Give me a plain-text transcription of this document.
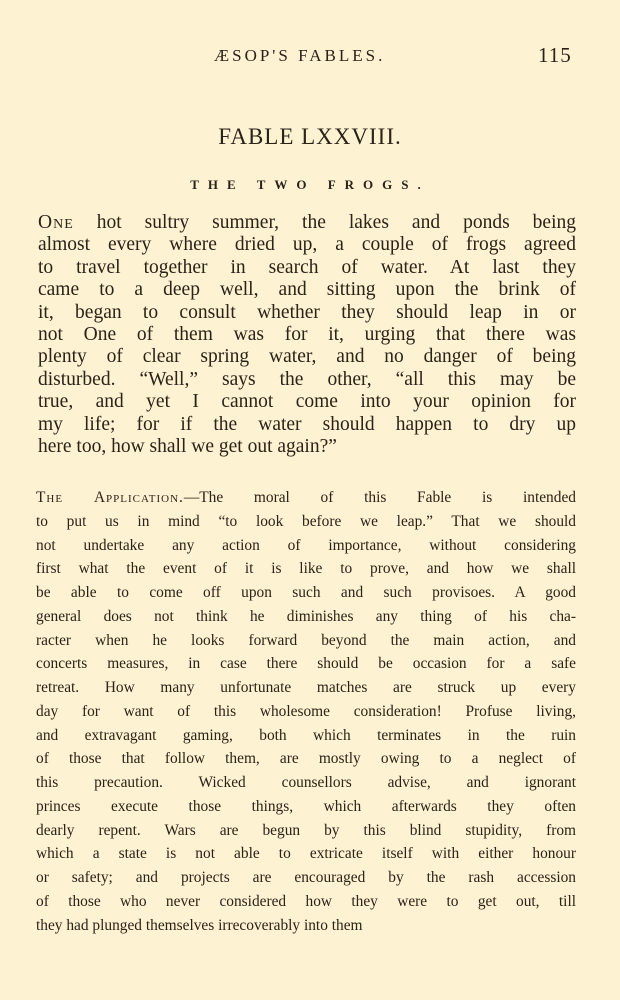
ÆSOP'S FABLES.	115
FABLE LXXVIII.
THE TWO FROGS.
One hot sultry summer, the lakes and ponds being
almost every where dried up, a couple of frogs agreed
to travel together in search of water. At last they
came to a deep well, and sitting upon the brink of
it, began to consult whether they should leap in or
not One of them was for it, urging that there was
plenty of clear spring water, and no danger of being
disturbed. “Well,” says the other, “all this may be
true, and yet I cannot come into your opinion for
my life; for if the water should happen to dry up
here too, how shall we get out again?”
The Application.—The moral of this Fable is intended
to put us in mind “to look before we leap.” That we should
not undertake any action of importance, without considering
first what the event of it is like to prove, and how we shall
be able to come off upon such and such provisoes. A good
general does not think he diminishes any thing of his cha-
racter when he looks forward beyond the main action, and
concerts measures, in case there should be occasion for a safe
retreat. How many unfortunate matches are struck up every
day for want of this wholesome consideration! Profuse living,
and extravagant gaming, both which terminates in the ruin
of those that follow them, are mostly owing to a neglect of
this precaution. Wicked counsellors advise, and ignorant
princes execute those things, which afterwards they often
dearly repent. Wars are begun by this blind stupidity, from
which a state is not able to extricate itself with either honour
or safety; and projects are encouraged by the rash accession
of those who never considered how they were to get out, till
they had plunged themselves irrecoverably into them
